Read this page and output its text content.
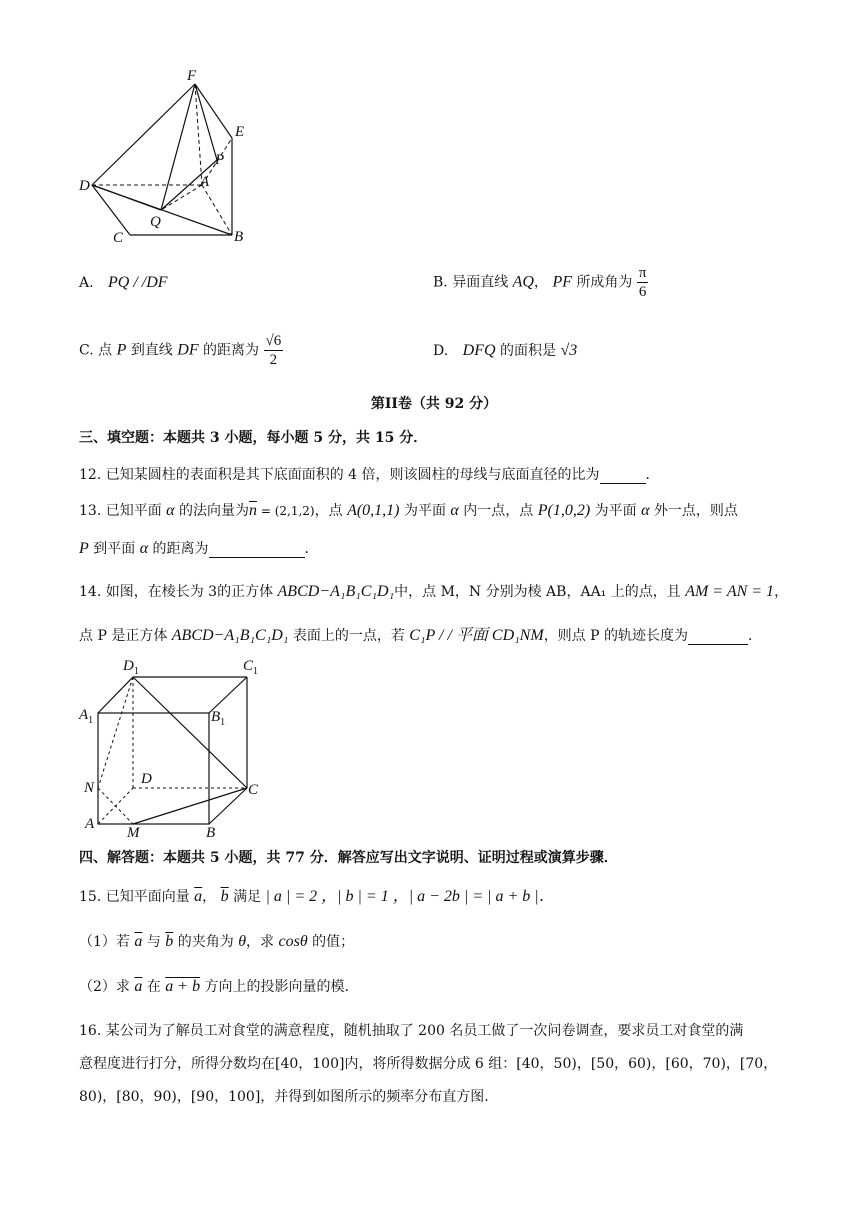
F
E
P
A
D
Q
C	B
A. PQ / /DF	B. 异面直线 AQ， PF 所成角为 $\frac{\pi}{6}$
C. 点 P 到直线 DF 的距离为 $\frac{√6}{2}$	D. DFQ 的面积是 √3
第II卷（共 92 分）
三、填空题：本题共 3 小题，每小题 5 分，共 15 分．
12. 已知某圆柱的表面积是其下底面面积的 4 倍，则该圆柱的母线与底面直径的比为	．
13. 已知平面 α 的法向量为$\overline{n} = (2,1,2)$，点 A(0,1,1) 为平面 α 内一点，点 P(1,0,2) 为平面 α 外一点，则点
P 到平面 α 的距离为	．
14. 如图，在棱长为 3的正方体 ABCD−A₁B₁C₁D₁中，点 M，N 分别为棱 AB，AA₁ 上的点，且 AM = AN = 1，
点 P 是正方体 ABCD−A₁B₁C₁D₁ 表面上的一点，若 C₁P / / 平面 CD₁NM，则点 P 的轨迹长度为	．
$D_1$	$C_1$
$A_1$	$B_1$
D
N	C
A
M	B
四、解答题：本题共 5 小题，共 77 分．解答应写出文字说明、证明过程或演算步骤．
15. 已知平面向量 $\overline{a}$， $\overline{b}$ 满足 | a | = 2 ，| b | = 1 ，| a − 2b | = | a + b |．
（1）若 $\overline{a}$ 与 $\overline{b}$ 的夹角为 θ，求 cosθ 的值；
（2）求 $\overline{a}$ 在 a + b 方向上的投影向量的模.
16. 某公司为了解员工对食堂的满意程度，随机抽取了 200 名员工做了一次问卷调查，要求员工对食堂的满
意程度进行打分，所得分数均在[40，100]内，将所得数据分成 6 组：[40，50)，[50，60)，[60，70)，[70，
80)，[80，90)，[90，100]，并得到如图所示的频率分布直方图.
